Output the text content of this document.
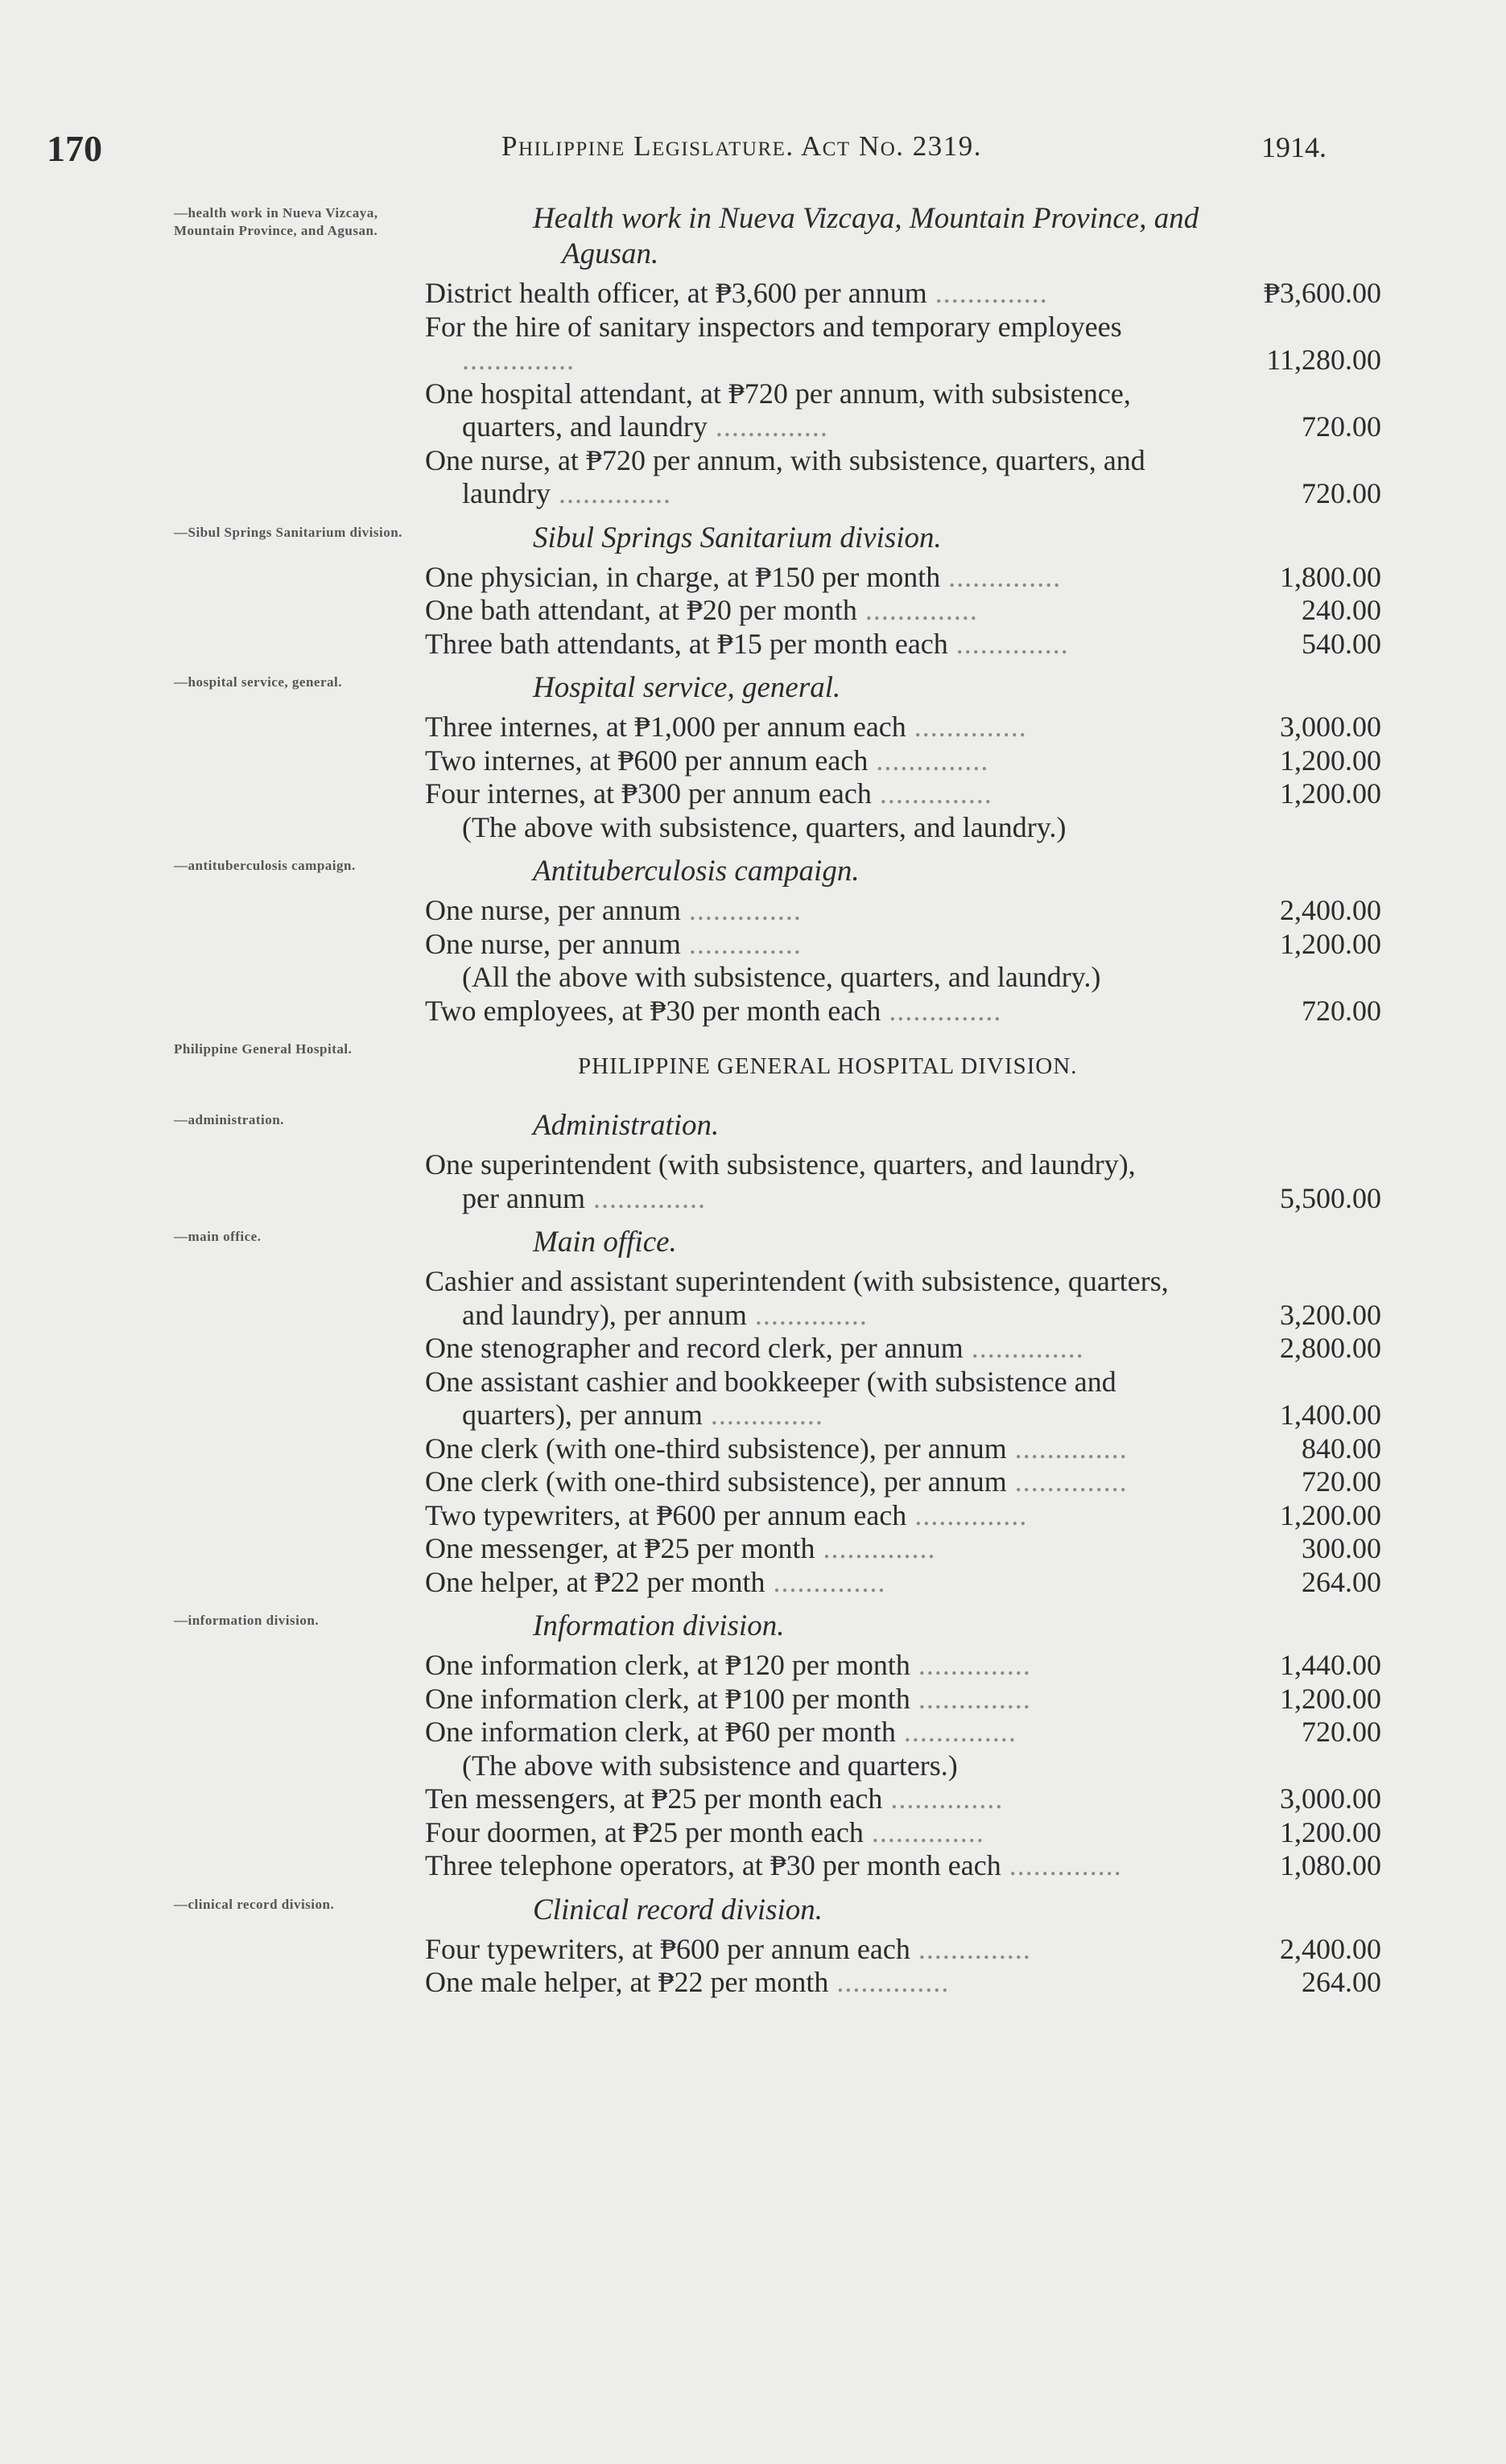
170	Philippine Legislature. Act No. 2319.	1914.
—health work in Nueva Vizcaya, Mountain Province, and Agusan.	Health work in Nueva Vizcaya, Mountain Province, and Agusan.
District health officer, at ₱3,600 per annum ..............	₱3,600.00
For the hire of sanitary inspectors and temporary employees ..............	11,280.00
One hospital attendant, at ₱720 per annum, with subsistence, quarters, and laundry ..............	720.00
One nurse, at ₱720 per annum, with subsistence, quarters, and laundry ..............	720.00
—Sibul Springs Sanitarium division.	Sibul Springs Sanitarium division.
One physician, in charge, at ₱150 per month ..............	1,800.00
One bath attendant, at ₱20 per month ..............	240.00
Three bath attendants, at ₱15 per month each ..............	540.00
—hospital service, general.	Hospital service, general.
Three internes, at ₱1,000 per annum each ..............	3,000.00
Two internes, at ₱600 per annum each ..............	1,200.00
Four internes, at ₱300 per annum each ..............	1,200.00
(The above with subsistence, quarters, and laundry.)
—antituberculosis campaign.	Antituberculosis campaign.
One nurse, per annum ..............	2,400.00
One nurse, per annum ..............	1,200.00
(All the above with subsistence, quarters, and laundry.)
Two employees, at ₱30 per month each ..............	720.00
Philippine General Hospital.
PHILIPPINE GENERAL HOSPITAL DIVISION.
—administration.	Administration.
One superintendent (with subsistence, quarters, and laundry), per annum ..............	5,500.00
—main office.	Main office.
Cashier and assistant superintendent (with subsistence, quarters, and laundry), per annum ..............	3,200.00
One stenographer and record clerk, per annum ..............	2,800.00
One assistant cashier and bookkeeper (with subsistence and quarters), per annum ..............	1,400.00
One clerk (with one-third subsistence), per annum ..............	840.00
One clerk (with one-third subsistence), per annum ..............	720.00
Two typewriters, at ₱600 per annum each ..............	1,200.00
One messenger, at ₱25 per month ..............	300.00
One helper, at ₱22 per month ..............	264.00
—information division.	Information division.
One information clerk, at ₱120 per month ..............	1,440.00
One information clerk, at ₱100 per month ..............	1,200.00
One information clerk, at ₱60 per month ..............	720.00
(The above with subsistence and quarters.)
Ten messengers, at ₱25 per month each ..............	3,000.00
Four doormen, at ₱25 per month each ..............	1,200.00
Three telephone operators, at ₱30 per month each ..............	1,080.00
—clinical record division.	Clinical record division.
Four typewriters, at ₱600 per annum each ..............	2,400.00
One male helper, at ₱22 per month ..............	264.00
